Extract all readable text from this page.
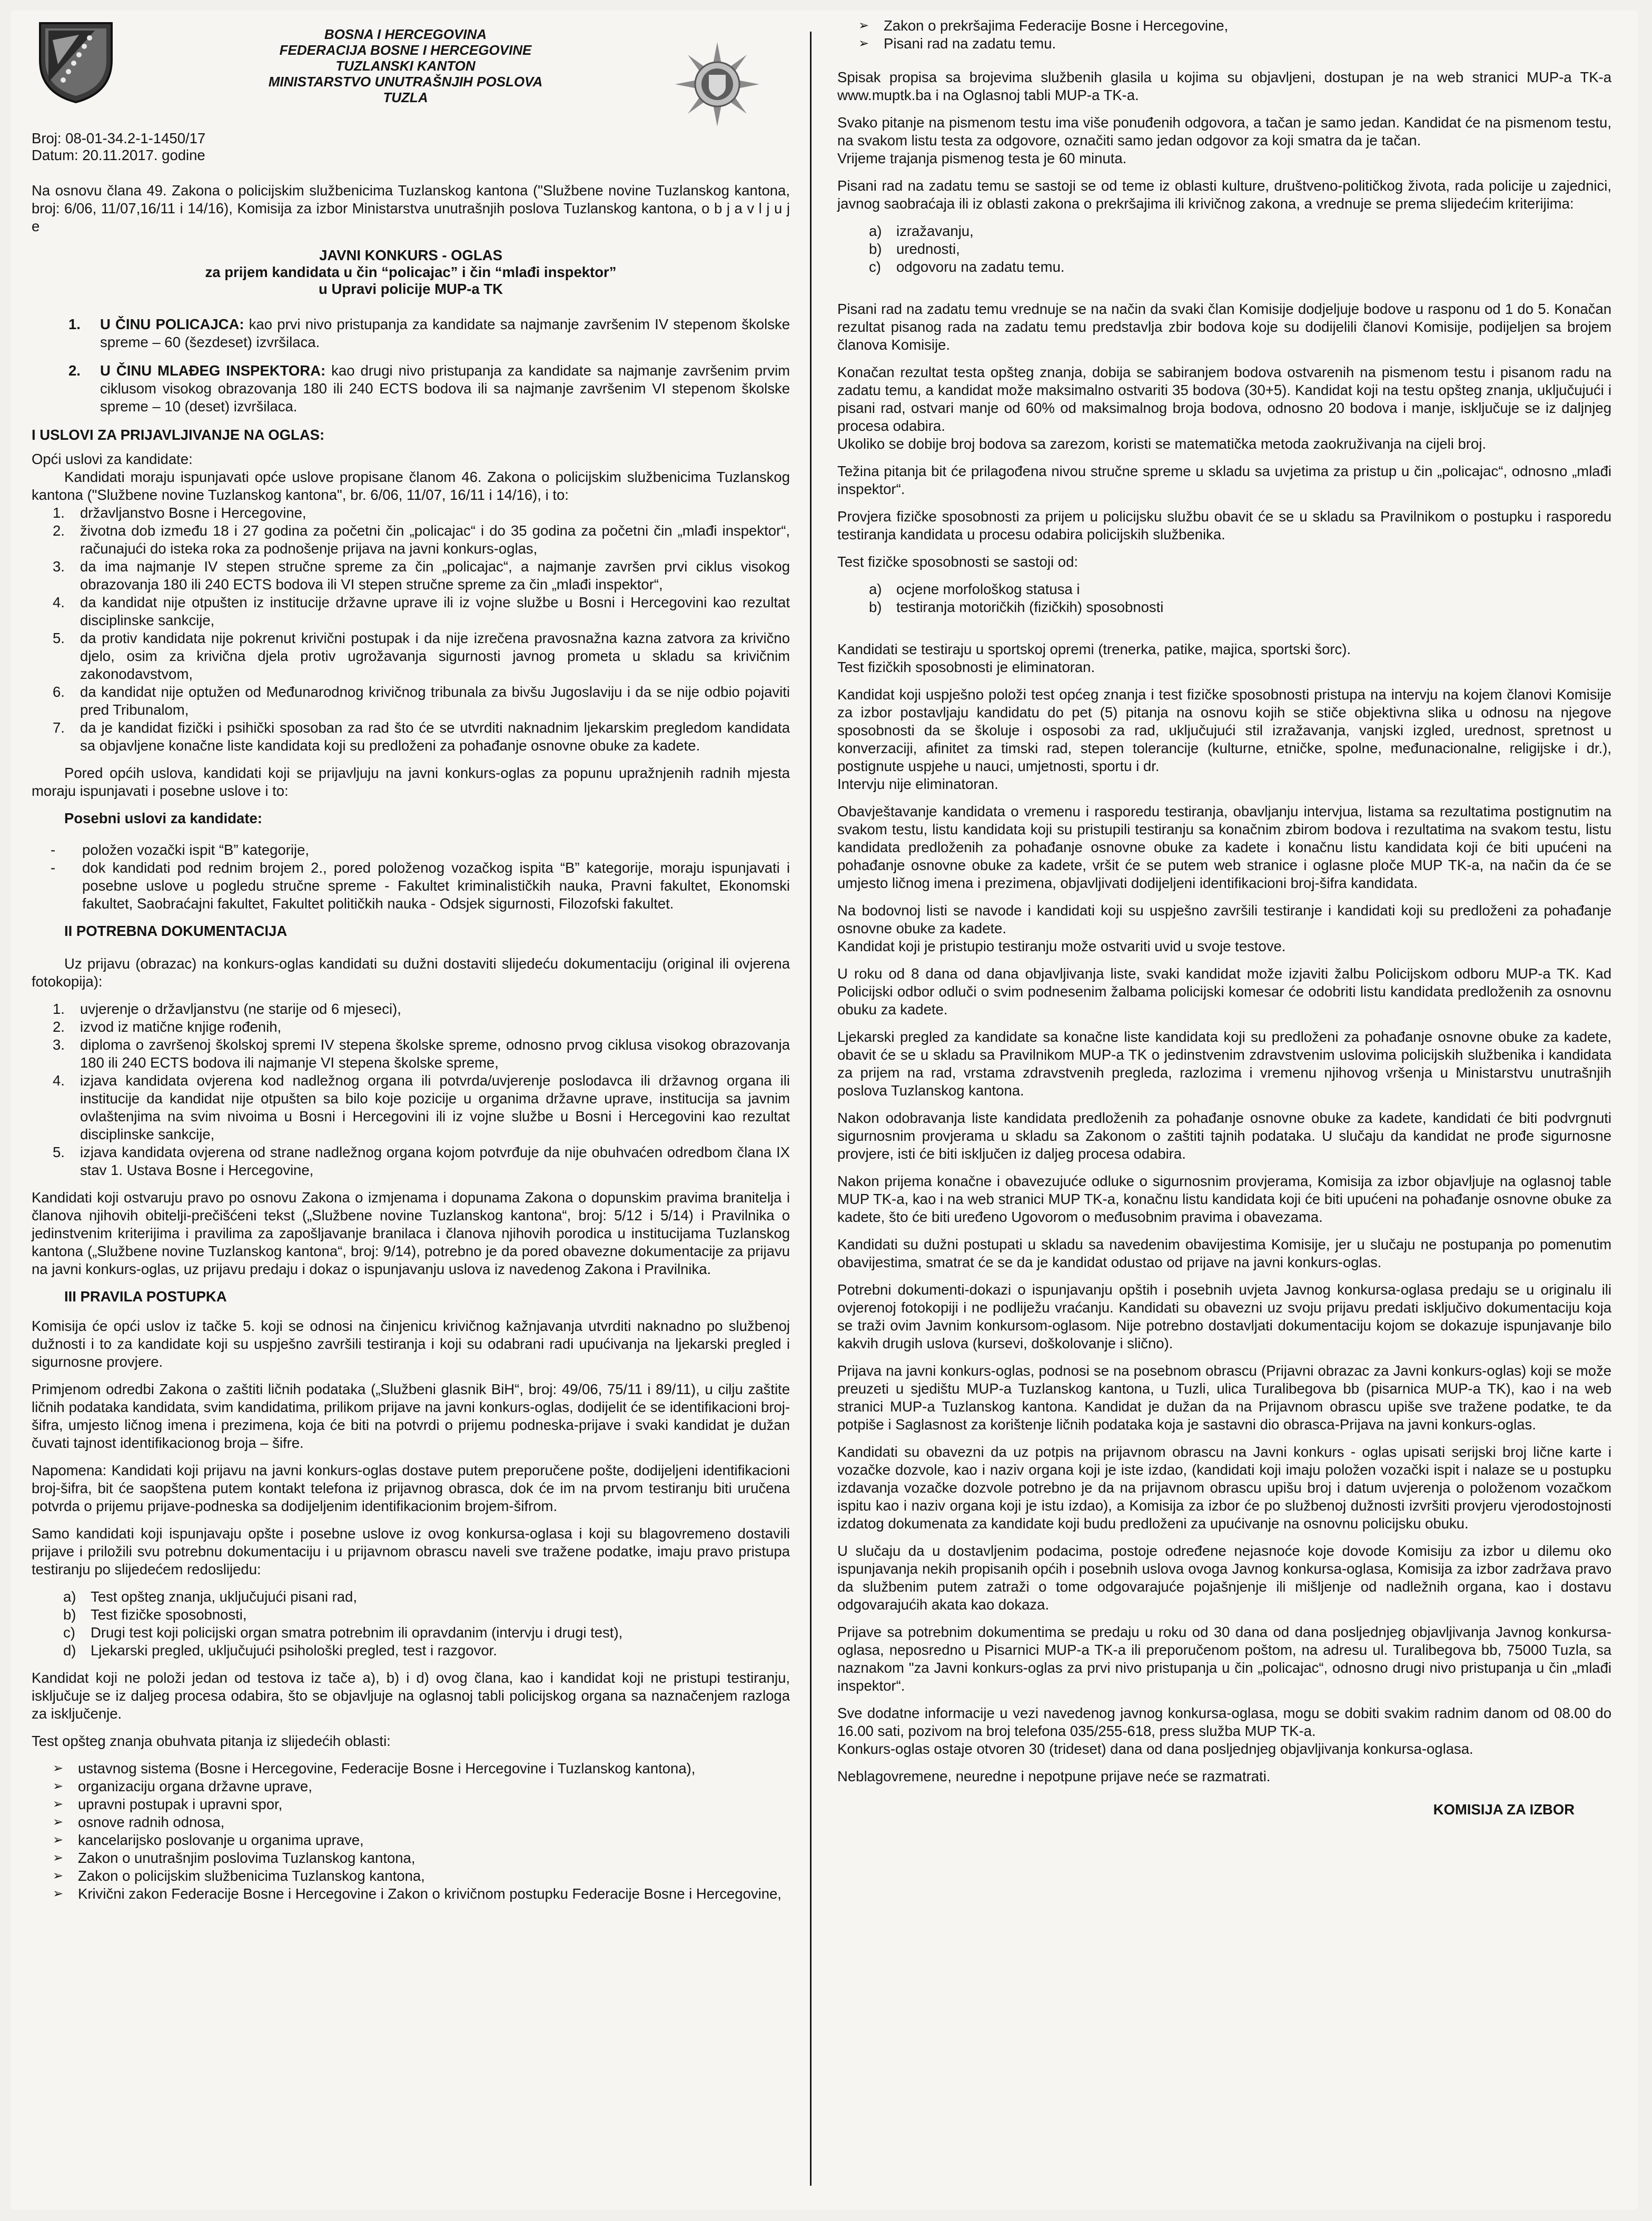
BOSNA I HERCEGOVINA
FEDERACIJA BOSNE I HERCEGOVINE
TUZLANSKI KANTON
MINISTARSTVO UNUTRAŠNJIH POSLOVA
TUZLA
Broj: 08-01-34.2-1-1450/17
Datum: 20.11.2017. godine

Na osnovu člana 49. Zakona o policijskim službenicima Tuzlanskog kantona ("Službene novine Tuzlanskog kantona, broj: 6/06, 11/07,16/11 i 14/16), Komisija za izbor Ministarstva unutrašnjih poslova Tuzlanskog kantona, o b j a v l j u j e

JAVNI KONKURS - OGLAS
za prijem kandidata u čin “policajac” i čin “mlađi inspektor”
u Upravi policije MUP-a TK
1. U ČINU POLICAJCA: kao prvi nivo pristupanja za kandidate sa najmanje završenim IV stepenom školske spreme – 60 (šezdeset) izvršilaca.
2. U ČINU MLAĐEG INSPEKTORA: kao drugi nivo pristupanja za kandidate sa najmanje završenim prvim ciklusom visokog obrazovanja 180 ili 240 ECTS bodova ili sa najmanje završenim VI stepenom školske spreme – 10 (deset) izvršilaca.
I USLOVI ZA PRIJAVLJIVANJE NA OGLAS:
Opći uslovi za kandidate:

Kandidati moraju ispunjavati opće uslove propisane članom 46. Zakona o policijskim službenicima Tuzlanskog kantona ("Službene novine Tuzlanskog kantona", br. 6/06, 11/07, 16/11 i 14/16), i to:

1. državljanstvo Bosne i Hercegovine,
2. životna dob između 18 i 27 godina za početni čin „policajac“ i do 35 godina za početni čin „mlađi inspektor“, računajući do isteka roka za podnošenje prijava na javni konkurs-oglas,
3. da ima najmanje IV stepen stručne spreme za čin „policajac“, a najmanje završen prvi ciklus visokog obrazovanja 180 ili 240 ECTS bodova ili VI stepen stručne spreme za čin „mlađi inspektor“,
4. da kandidat nije otpušten iz institucije državne uprave ili iz vojne službe u Bosni i Hercegovini kao rezultat disciplinske sankcije,
5. da protiv kandidata nije pokrenut krivični postupak i da nije izrečena pravosnažna kazna zatvora za krivično djelo, osim za krivična djela protiv ugrožavanja sigurnosti javnog prometa u skladu sa krivičnim zakonodavstvom,
6. da kandidat nije optužen od Međunarodnog krivičnog tribunala za bivšu Jugoslaviju i da se nije odbio pojaviti pred Tribunalom,
7. da je kandidat fizički i psihički sposoban za rad što će se utvrditi naknadnim ljekarskim pregledom kandidata sa objavljene konačne liste kandidata koji su predloženi za pohađanje osnovne obuke za kadete.

Pored općih uslova, kandidati koji se prijavljuju na javni konkurs-oglas za popunu upražnjenih radnih mjesta moraju ispunjavati i posebne uslove i to:

Posebni uslovi za kandidate:
- položen vozački ispit “B” kategorije,
- dok kandidati pod rednim brojem 2., pored položenog vozačkog ispita “B” kategorije, moraju ispunjavati i posebne uslove u pogledu stručne spreme - Fakultet kriminalističkih nauka, Pravni fakultet, Ekonomski fakultet, Saobraćajni fakultet, Fakultet političkih nauka - Odsjek sigurnosti, Filozofski fakultet.
II POTREBNA DOKUMENTACIJA

Uz prijavu (obrazac) na konkurs-oglas kandidati su dužni dostaviti slijedeću dokumentaciju (original ili ovjerena fotokopija):

1. uvjerenje o državljanstvu (ne starije od 6 mjeseci),
2. izvod iz matične knjige rođenih,
3. diploma o završenoj školskoj spremi IV stepena školske spreme, odnosno prvog ciklusa visokog obrazovanja 180 ili 240 ECTS bodova ili najmanje VI stepena školske spreme,
4. izjava kandidata ovjerena kod nadležnog organa ili potvrda/uvjerenje poslodavca ili državnog organa ili institucije da kandidat nije otpušten sa bilo koje pozicije u organima državne uprave, institucija sa javnim ovlaštenjima na svim nivoima u Bosni i Hercegovini ili iz vojne službe u Bosni i Hercegovini kao rezultat disciplinske sankcije,
5. izjava kandidata ovjerena od strane nadležnog organa kojom potvrđuje da nije obuhvaćen odredbom člana IX stav 1. Ustava Bosne i Hercegovine,

Kandidati koji ostvaruju pravo po osnovu Zakona o izmjenama i dopunama Zakona o dopunskim pravima branitelja i članova njihovih obitelji-prečišćeni tekst („Službene novine Tuzlanskog kantona“, broj: 5/12 i 5/14) i Pravilnika o jedinstvenim kriterijima i pravilima za zapošljavanje branilaca i članova njihovih porodica u institucijama Tuzlanskog kantona („Službene novine Tuzlanskog kantona“, broj: 9/14), potrebno je da pored obavezne dokumentacije za prijavu na javni konkurs-oglas, uz prijavu predaju i dokaz o ispunjavanju uslova iz navedenog Zakona i Pravilnika.

III PRAVILA POSTUPKA

Komisija će opći uslov iz tačke 5. koji se odnosi na činjenicu krivičnog kažnjavanja utvrditi naknadno po službenoj dužnosti i to za kandidate koji su uspješno završili testiranja i koji su odabrani radi upućivanja na ljekarski pregled i sigurnosne provjere.

Primjenom odredbi Zakona o zaštiti ličnih podataka („Službeni glasnik BiH“, broj: 49/06, 75/11 i 89/11), u cilju zaštite ličnih podataka kandidata, svim kandidatima, prilikom prijave na javni konkurs-oglas, dodijelit će se identifikacioni broj-šifra, umjesto ličnog imena i prezimena, koja će biti na potvrdi o prijemu podneska-prijave i svaki kandidat je dužan čuvati tajnost identifikacionog broja – šifre.

Napomena: Kandidati koji prijavu na javni konkurs-oglas dostave putem preporučene pošte, dodijeljeni identifikacioni broj-šifra, bit će saopštena putem kontakt telefona iz prijavnog obrasca, dok će im na prvom testiranju biti uručena potvrda o prijemu prijave-podneska sa dodijeljenim identifikacionim brojem-šifrom.

Samo kandidati koji ispunjavaju opšte i posebne uslove iz ovog konkursa-oglasa i koji su blagovremeno dostavili prijave i priložili svu potrebnu dokumentaciju i u prijavnom obrascu naveli sve tražene podatke, imaju pravo pristupa testiranju po slijedećem redoslijedu:

a) Test opšteg znanja, uključujući pisani rad,
b) Test fizičke sposobnosti,
c) Drugi test koji policijski organ smatra potrebnim ili opravdanim (intervju i drugi test),
d) Ljekarski pregled, uključujući psihološki pregled, test i razgovor.

Kandidat koji ne položi jedan od testova iz tače a), b) i d) ovog člana, kao i kandidat koji ne pristupi testiranju, isključuje se iz daljeg procesa odabira, što se objavljuje na oglasnoj tabli policijskog organa sa naznačenjem razloga za isključenje.

Test opšteg znanja obuhvata pitanja iz slijedećih oblasti:

➢ ustavnog sistema (Bosne i Hercegovine, Federacije Bosne i Hercegovine i Tuzlanskog kantona),
➢ organizaciju organa državne uprave,
➢ upravni postupak i upravni spor,
➢ osnove radnih odnosa,
➢ kancelarijsko poslovanje u organima uprave,
➢ Zakon o unutrašnjim poslovima Tuzlanskog kantona,
➢ Zakon o policijskim službenicima Tuzlanskog kantona,
➢ Krivični zakon Federacije Bosne i Hercegovine i Zakon o krivičnom postupku Federacije Bosne i Hercegovine,
➢ Zakon o prekršajima Federacije Bosne i Hercegovine,
➢ Pisani rad na zadatu temu.

Spisak propisa sa brojevima službenih glasila u kojima su objavljeni, dostupan je na web stranici MUP-a TK-a www.muptk.ba i na Oglasnoj tabli MUP-a TK-a.

Svako pitanje na pismenom testu ima više ponuđenih odgovora, a tačan je samo jedan. Kandidat će na pismenom testu, na svakom listu testa za odgovore, označiti samo jedan odgovor za koji smatra da je tačan.
Vrijeme trajanja pismenog testa je 60 minuta.

Pisani rad na zadatu temu se sastoji se od teme iz oblasti kulture, društveno-političkog života, rada policije u zajednici, javnog saobraćaja ili iz oblasti zakona o prekršajima ili krivičnog zakona, a vrednuje se prema slijedećim kriterijima:

a) izražavanju,
b) urednosti,
c) odgovoru na zadatu temu.

Pisani rad na zadatu temu vrednuje se na način da svaki član Komisije dodjeljuje bodove u rasponu od 1 do 5. Konačan rezultat pisanog rada na zadatu temu predstavlja zbir bodova koje su dodijelili članovi Komisije, podijeljen sa brojem članova Komisije.

Konačan rezultat testa opšteg znanja, dobija se sabiranjem bodova ostvarenih na pismenom testu i pisanom radu na zadatu temu, a kandidat može maksimalno ostvariti 35 bodova (30+5). Kandidat koji na testu opšteg znanja, uključujući i pisani rad, ostvari manje od 60% od maksimalnog broja bodova, odnosno 20 bodova i manje, isključuje se iz daljnjeg procesa odabira.
Ukoliko se dobije broj bodova sa zarezom, koristi se matematička metoda zaokruživanja na cijeli broj.

Težina pitanja bit će prilagođena nivou stručne spreme u skladu sa uvjetima za pristup u čin „policajac“, odnosno „mlađi inspektor“.

Provjera fizičke sposobnosti za prijem u policijsku službu obavit će se u skladu sa Pravilnikom o postupku i rasporedu testiranja kandidata u procesu odabira policijskih službenika.

Test fizičke sposobnosti se sastoji od:

a) ocjene morfološkog statusa i
b) testiranja motoričkih (fizičkih) sposobnosti

Kandidati se testiraju u sportskoj opremi (trenerka, patike, majica, sportski šorc).
Test fizičkih sposobnosti je eliminatoran.

Kandidat koji uspješno položi test općeg znanja i test fizičke sposobnosti pristupa na intervju na kojem članovi Komisije za izbor postavljaju kandidatu do pet (5) pitanja na osnovu kojih se stiče objektivna slika u odnosu na njegove sposobnosti da se školuje i osposobi za rad, uključujući stil izražavanja, vanjski izgled, urednost, spretnost u konverzaciji, afinitet za timski rad, stepen tolerancije (kulturne, etničke, spolne, međunacionalne, religijske i dr.), postignute uspjehe u nauci, umjetnosti, sportu i dr.
Intervju nije eliminatoran.

Obavještavanje kandidata o vremenu i rasporedu testiranja, obavljanju intervjua, listama sa rezultatima postignutim na svakom testu, listu kandidata koji su pristupili testiranju sa konačnim zbirom bodova i rezultatima na svakom testu, listu kandidata predloženih za pohađanje osnovne obuke za kadete i konačnu listu kandidata koji će biti upućeni na pohađanje osnovne obuke za kadete, vršit će se putem web stranice i oglasne ploče MUP TK-a, na način da će se umjesto ličnog imena i prezimena, objavljivati dodijeljeni identifikacioni broj-šifra kandidata.

Na bodovnoj listi se navode i kandidati koji su uspješno završili testiranje i kandidati koji su predloženi za pohađanje osnovne obuke za kadete.
Kandidat koji je pristupio testiranju može ostvariti uvid u svoje testove.

U roku od 8 dana od dana objavljivanja liste, svaki kandidat može izjaviti žalbu Policijskom odboru MUP-a TK. Kad Policijski odbor odluči o svim podnesenim žalbama policijski komesar će odobriti listu kandidata predloženih za osnovnu obuku za kadete.

Ljekarski pregled za kandidate sa konačne liste kandidata koji su predloženi za pohađanje osnovne obuke za kadete, obavit će se u skladu sa Pravilnikom MUP-a TK o jedinstvenim zdravstvenim uslovima policijskih službenika i kandidata za prijem na rad, vrstama zdravstvenih pregleda, razlozima i vremenu njihovog vršenja u Ministarstvu unutrašnjih poslova Tuzlanskog kantona.

Nakon odobravanja liste kandidata predloženih za pohađanje osnovne obuke za kadete, kandidati će biti podvrgnuti sigurnosnim provjerama u skladu sa Zakonom o zaštiti tajnih podataka. U slučaju da kandidat ne prođe sigurnosne provjere, isti će biti isključen iz daljeg procesa odabira.

Nakon prijema konačne i obavezujuće odluke o sigurnosnim provjerama, Komisija za izbor objavljuje na oglasnoj table MUP TK-a, kao i na web stranici MUP TK-a, konačnu listu kandidata koji će biti upućeni na pohađanje osnovne obuke za kadete, što će biti uređeno Ugovorom o međusobnim pravima i obavezama.

Kandidati su dužni postupati u skladu sa navedenim obavijestima Komisije, jer u slučaju ne postupanja po pomenutim obavijestima, smatrat će se da je kandidat odustao od prijave na javni konkurs-oglas.

Potrebni dokumenti-dokazi o ispunjavanju opštih i posebnih uvjeta Javnog konkursa-oglasa predaju se u originalu ili ovjerenoj fotokopiji i ne podliježu vraćanju. Kandidati su obavezni uz svoju prijavu predati isključivo dokumentaciju koja se traži ovim Javnim konkursom-oglasom. Nije potrebno dostavljati dokumentaciju kojom se dokazuje ispunjavanje bilo kakvih drugih uslova (kursevi, doškolovanje i slično).

Prijava na javni konkurs-oglas, podnosi se na posebnom obrascu (Prijavni obrazac za Javni konkurs-oglas) koji se može preuzeti u sjedištu MUP-a Tuzlanskog kantona, u Tuzli, ulica Turalibegova bb (pisarnica MUP-a TK), kao i na web stranici MUP-a Tuzlanskog kantona. Kandidat je dužan da na Prijavnom obrascu upiše sve tražene podatke, te da potpiše i Saglasnost za korištenje ličnih podataka koja je sastavni dio obrasca-Prijava na javni konkurs-oglas.

Kandidati su obavezni da uz potpis na prijavnom obrascu na Javni konkurs - oglas upisati serijski broj lične karte i vozačke dozvole, kao i naziv organa koji je iste izdao, (kandidati koji imaju položen vozački ispit i nalaze se u postupku izdavanja vozačke dozvole potrebno je da na prijavnom obrascu upišu broj i datum uvjerenja o položenom vozačkom ispitu kao i naziv organa koji je istu izdao), a Komisija za izbor će po službenoj dužnosti izvršiti provjeru vjerodostojnosti izdatog dokumenata za kandidate koji budu predloženi za upućivanje na osnovnu policijsku obuku.

U slučaju da u dostavljenim podacima, postoje određene nejasnoće koje dovode Komisiju za izbor u dilemu oko ispunjavanja nekih propisanih općih i posebnih uslova ovoga Javnog konkursa-oglasa, Komisija za izbor zadržava pravo da službenim putem zatraži o tome odgovarajuće pojašnjenje ili mišljenje od nadležnih organa, kao i dostavu odgovarajućih akata kao dokaza.

Prijave sa potrebnim dokumentima se predaju u roku od 30 dana od dana posljednjeg objavljivanja Javnog konkursa-oglasa, neposredno u Pisarnici MUP-a TK-a ili preporučenom poštom, na adresu ul. Turalibegova bb, 75000 Tuzla, sa naznakom "za Javni konkurs-oglas za prvi nivo pristupanja u čin „policajac“, odnosno drugi nivo pristupanja u čin „mlađi inspektor“.

Sve dodatne informacije u vezi navedenog javnog konkursa-oglasa, mogu se dobiti svakim radnim danom od 08.00 do 16.00 sati, pozivom na broj telefona 035/255-618, press služba MUP TK-a.
Konkurs-oglas ostaje otvoren 30 (trideset) dana od dana posljednjeg objavljivanja konkursa-oglasa.

Neblagovremene, neuredne i nepotpune prijave neće se razmatrati.

KOMISIJA ZA IZBOR
